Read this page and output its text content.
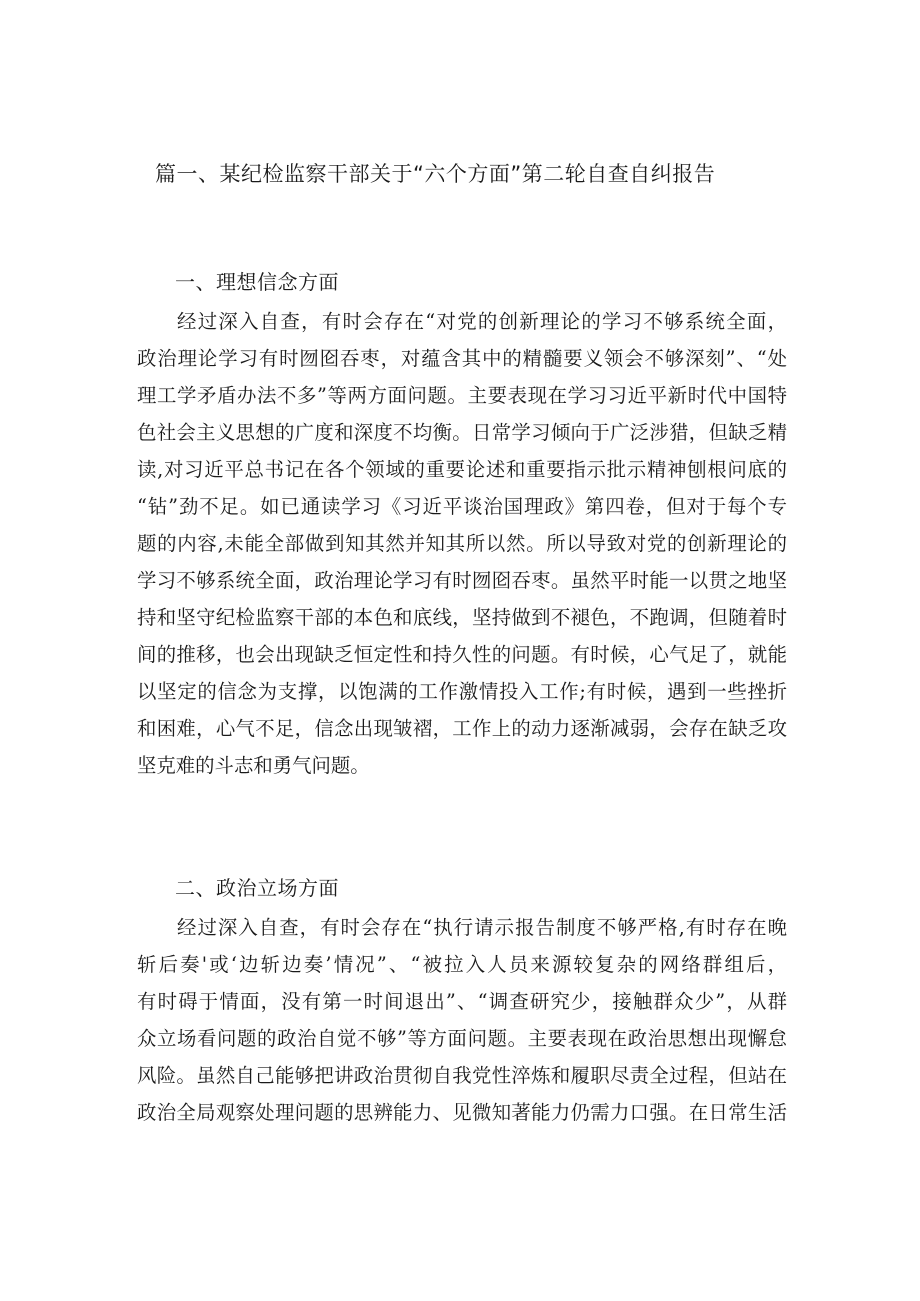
篇一、某纪检监察干部关于“六个方面”第二轮自查自纠报告
一、理想信念方面
经过深入自查，有时会存在“对党的创新理论的学习不够系统全面，
政治理论学习有时囫囵吞枣，对蕴含其中的精髓要义领会不够深刻”、“处
理工学矛盾办法不多”等两方面问题。主要表现在学习习近平新时代中国特
色社会主义思想的广度和深度不均衡。日常学习倾向于广泛涉猎，但缺乏精
读,对习近平总书记在各个领域的重要论述和重要指示批示精神刨根问底的
“钻”劲不足。如已通读学习《习近平谈治国理政》第四卷，但对于每个专
题的内容,未能全部做到知其然并知其所以然。所以导致对党的创新理论的
学习不够系统全面，政治理论学习有时囫囵吞枣。虽然平时能一以贯之地坚
持和坚守纪检监察干部的本色和底线，坚持做到不褪色，不跑调，但随着时
间的推移，也会出现缺乏恒定性和持久性的问题。有时候，心气足了，就能
以坚定的信念为支撑，以饱满的工作激情投入工作;有时候，遇到一些挫折
和困难，心气不足，信念出现皱褶，工作上的动力逐渐减弱，会存在缺乏攻
坚克难的斗志和勇气问题。
二、政治立场方面
经过深入自查，有时会存在“执行请示报告制度不够严格,有时存在晚
斩后奏'或‘边斩边奏’情况”、“被拉入人员来源较复杂的网络群组后，
有时碍于情面，没有第一时间退出”、“调查研究少，接触群众少”，从群
众立场看问题的政治自觉不够”等方面问题。主要表现在政治思想出现懈怠
风险。虽然自己能够把讲政治贯彻自我党性淬炼和履职尽责全过程，但站在
政治全局观察处理问题的思辨能力、见微知著能力仍需力口强。在日常生活
